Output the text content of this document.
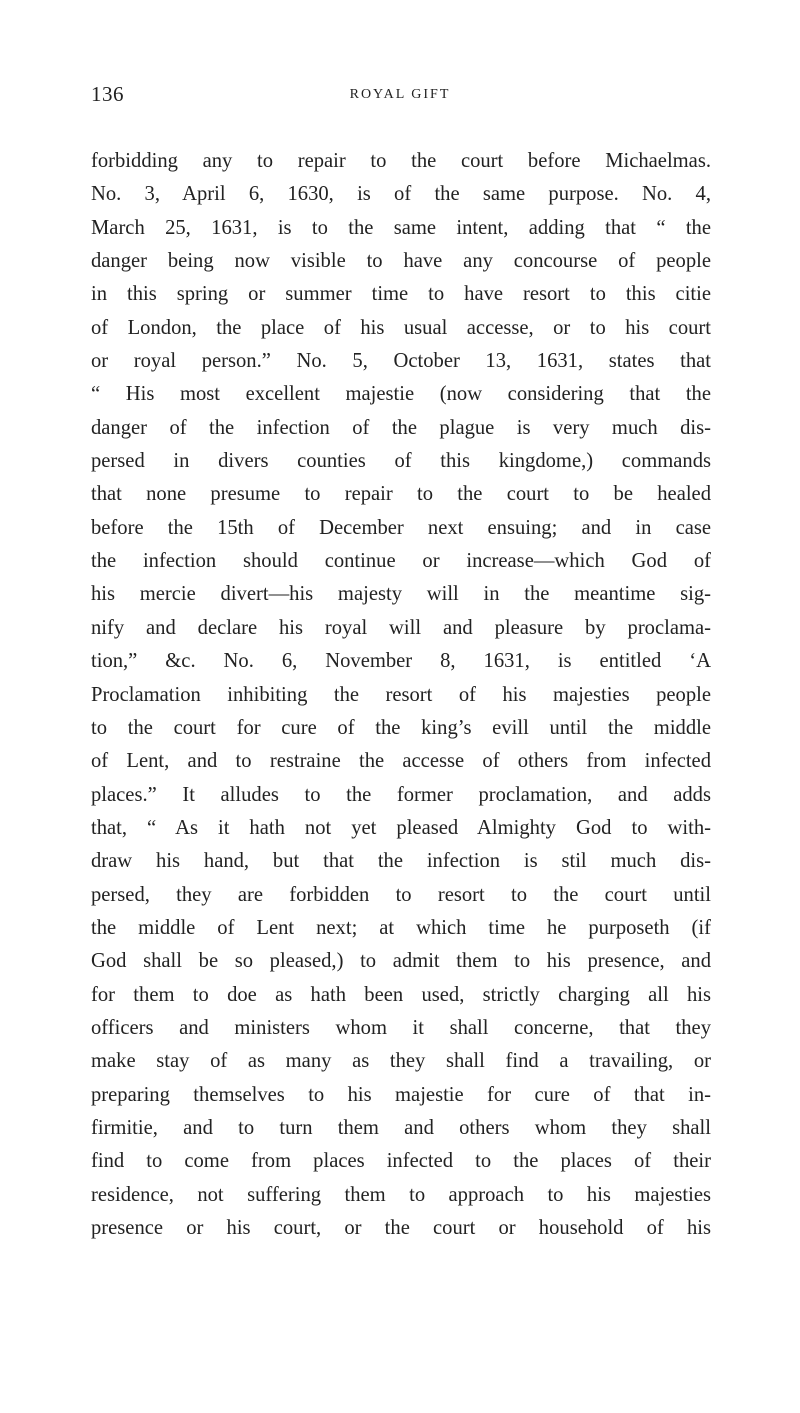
136	ROYAL GIFT
forbidding any to repair to the court before Michaelmas.
No. 3, April 6, 1630, is of the same purpose. No. 4,
March 25, 1631, is to the same intent, adding that “ the
danger being now visible to have any concourse of people
in this spring or summer time to have resort to this citie
of London, the place of his usual accesse, or to his court
or royal person.” No. 5, October 13, 1631, states that
“ His most excellent majestie (now considering that the
danger of the infection of the plague is very much dis-
persed in divers counties of this kingdome,) commands
that none presume to repair to the court to be healed
before the 15th of December next ensuing; and in case
the infection should continue or increase—which God of
his mercie divert—his majesty will in the meantime sig-
nify and declare his royal will and pleasure by proclama-
tion,” &c. No. 6, November 8, 1631, is entitled ‘A
Proclamation inhibiting the resort of his majesties people
to the court for cure of the king’s evill until the middle
of Lent, and to restraine the accesse of others from infected
places.” It alludes to the former proclamation, and adds
that, “ As it hath not yet pleased Almighty God to with-
draw his hand, but that the infection is stil much dis-
persed, they are forbidden to resort to the court until
the middle of Lent next; at which time he purposeth (if
God shall be so pleased,) to admit them to his presence, and
for them to doe as hath been used, strictly charging all his
officers and ministers whom it shall concerne, that they
make stay of as many as they shall find a travailing, or
preparing themselves to his majestie for cure of that in-
firmitie, and to turn them and others whom they shall
find to come from places infected to the places of their
residence, not suffering them to approach to his majesties
presence or his court, or the court or household of his
